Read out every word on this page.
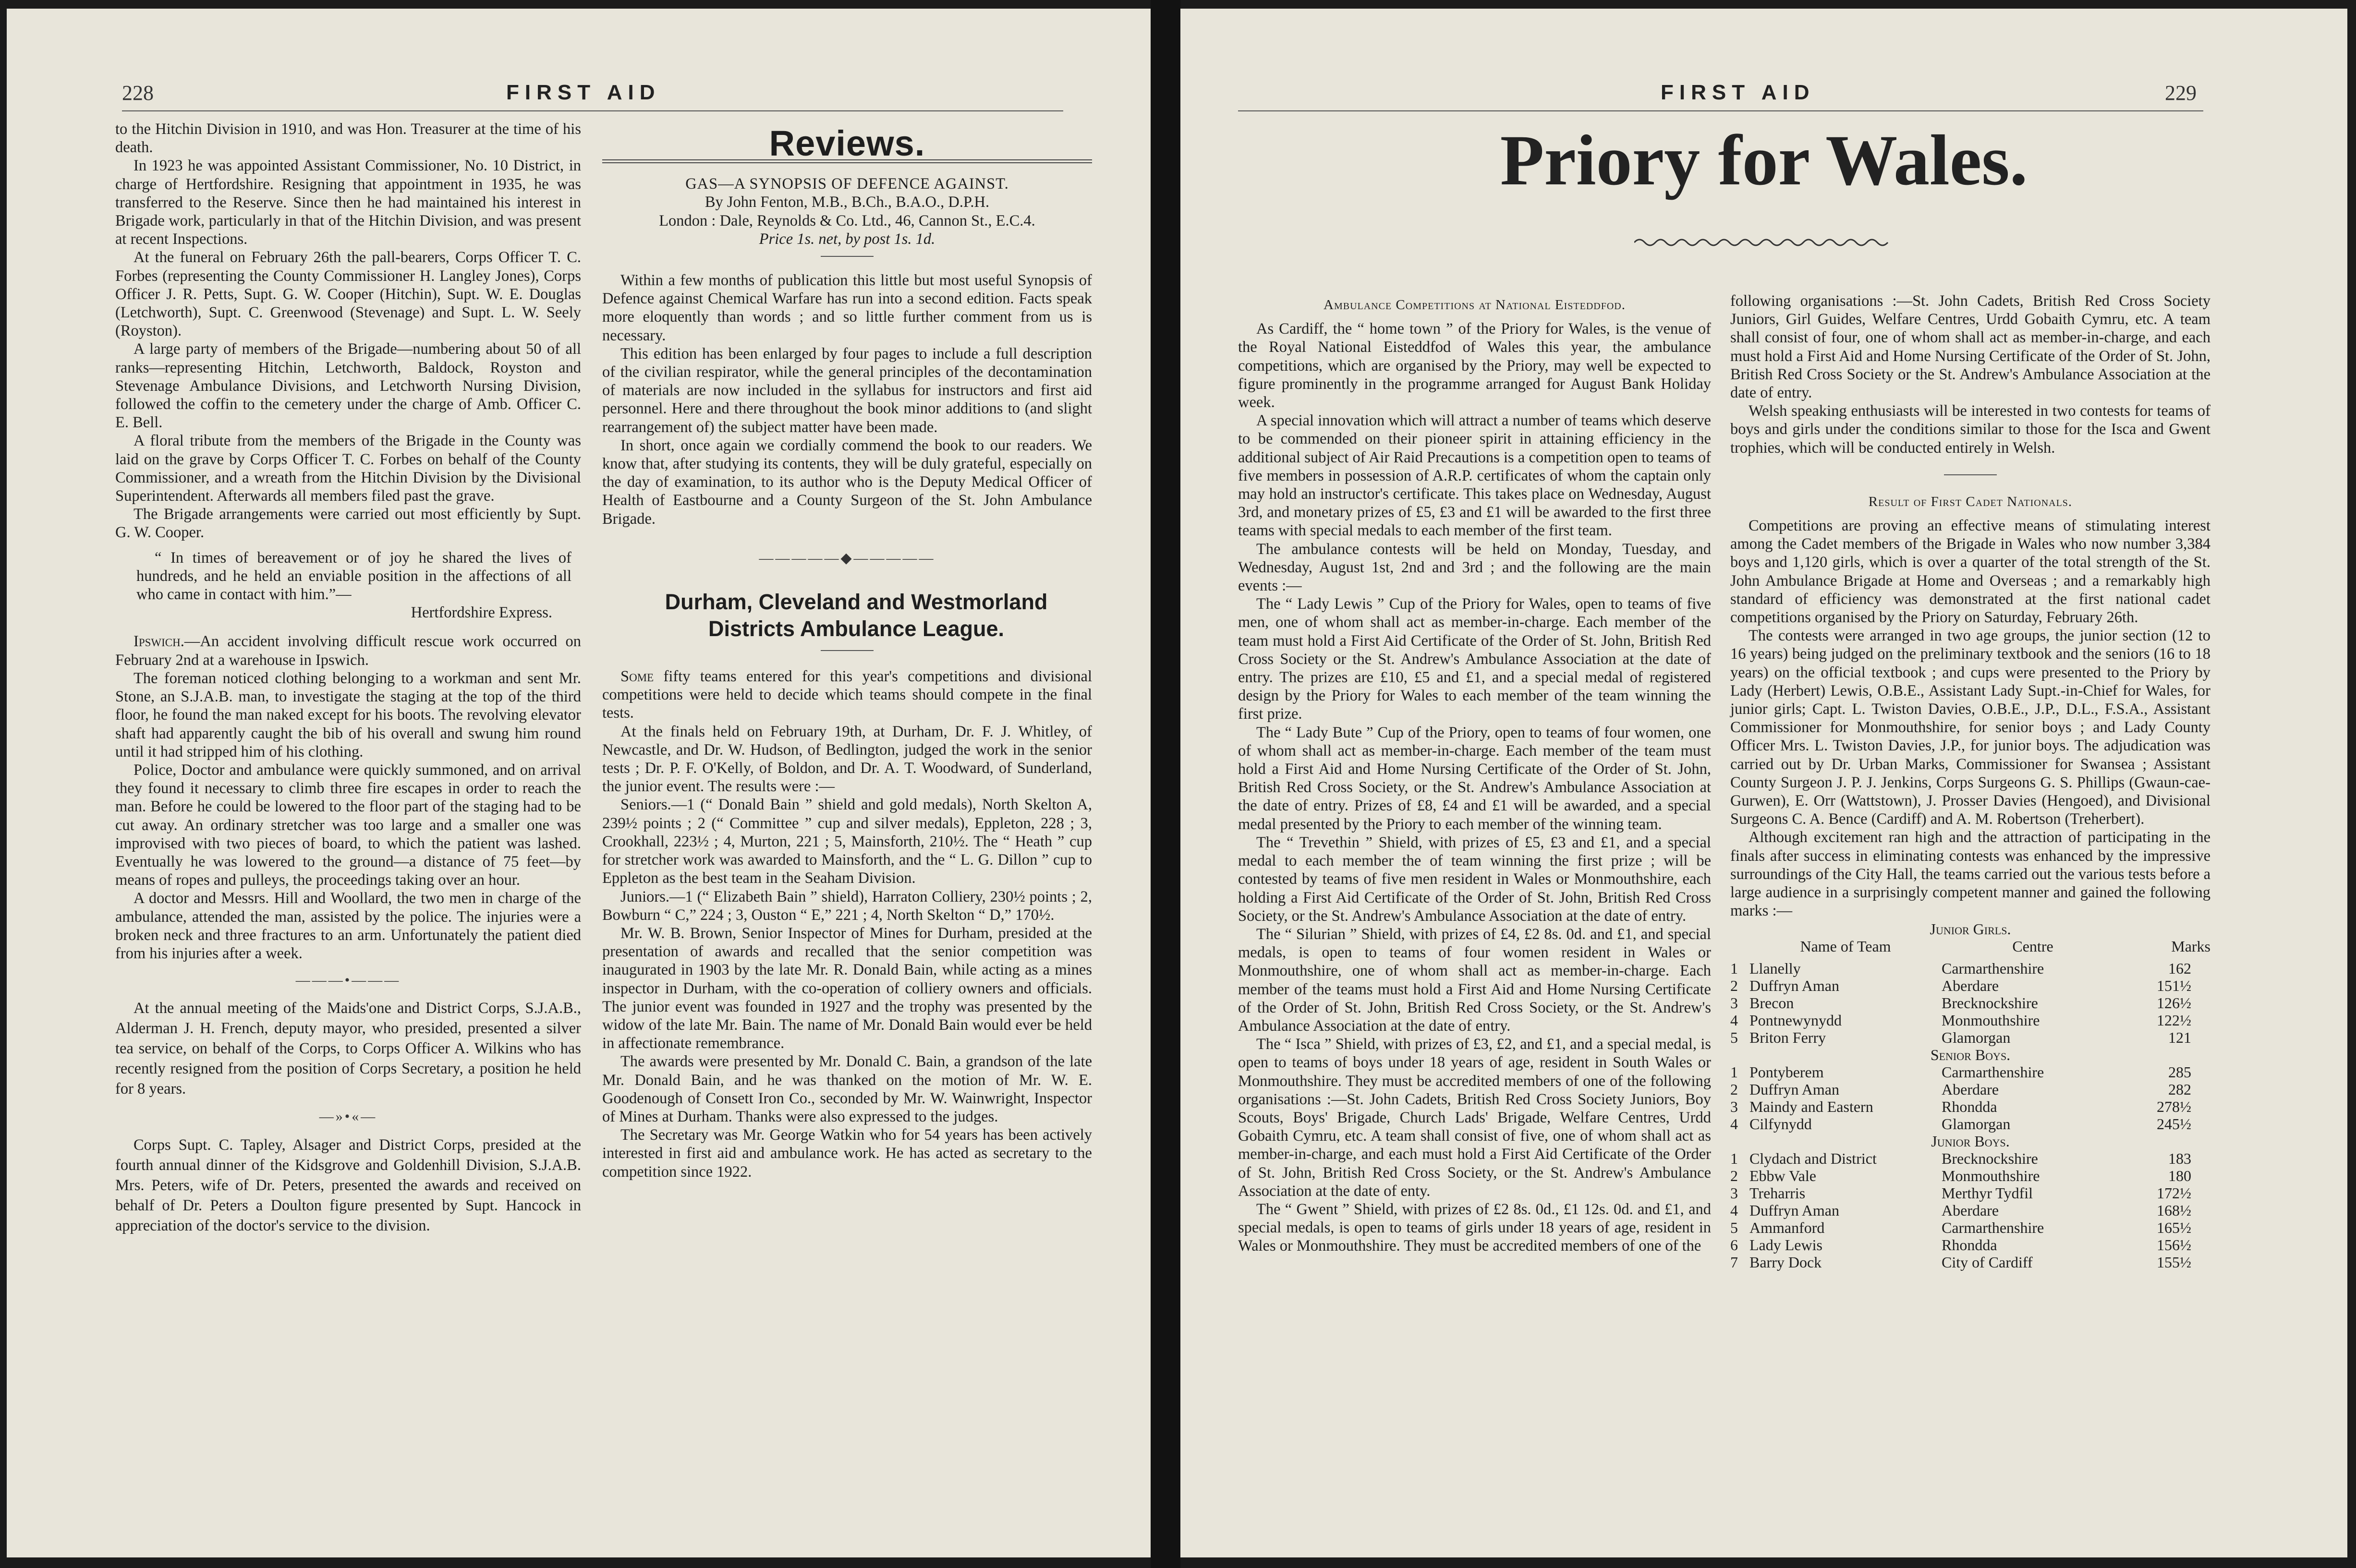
228	FIRST AID

to the Hitchin Division in 1910, and was Hon. Treasurer at the time of his death.

In 1923 he was appointed Assistant Commissioner, No. 10 District, in charge of Hertfordshire. Resigning that appointment in 1935, he was transferred to the Reserve. Since then he had maintained his interest in Brigade work, particularly in that of the Hitchin Division, and was present at recent Inspections.

At the funeral on February 26th the pall-bearers, Corps Officer T. C. Forbes (representing the County Commissioner H. Langley Jones), Corps Officer J. R. Petts, Supt. G. W. Cooper (Hitchin), Supt. W. E. Douglas (Letchworth), Supt. C. Greenwood (Stevenage) and Supt. L. W. Seely (Royston).

A large party of members of the Brigade—numbering about 50 of all ranks—representing Hitchin, Letchworth, Baldock, Royston and Stevenage Ambulance Divisions, and Letchworth Nursing Division, followed the coffin to the cemetery under the charge of Amb. Officer C. E. Bell.

A floral tribute from the members of the Brigade in the County was laid on the grave by Corps Officer T. C. Forbes on behalf of the County Commissioner, and a wreath from the Hitchin Division by the Divisional Superintendent. Afterwards all members filed past the grave.

The Brigade arrangements were carried out most efficiently by Supt. G. W. Cooper.

“ In times of bereavement or of joy he shared the lives of hundreds, and he held an enviable position in the affections of all who came in contact with him.”—

Hertfordshire Express.

Ipswich.—An accident involving difficult rescue work occurred on February 2nd at a warehouse in Ipswich.

The foreman noticed clothing belonging to a workman and sent Mr. Stone, an S.J.A.B. man, to investigate the staging at the top of the third floor, he found the man naked except for his boots. The revolving elevator shaft had apparently caught the bib of his overall and swung him round until it had stripped him of his clothing.

Police, Doctor and ambulance were quickly summoned, and on arrival they found it necessary to climb three fire escapes in order to reach the man. Before he could be lowered to the floor part of the staging had to be cut away. An ordinary stretcher was too large and a smaller one was improvised with two pieces of board, to which the patient was lashed. Eventually he was lowered to the ground—a distance of 75 feet—by means of ropes and pulleys, the proceedings taking over an hour.

A doctor and Messrs. Hill and Woollard, the two men in charge of the ambulance, attended the man, assisted by the police. The injuries were a broken neck and three fractures to an arm. Unfortunately the patient died from his injuries after a week.

———•———

At the annual meeting of the Maids'one and District Corps, S.J.A.B., Alderman J. H. French, deputy mayor, who presided, presented a silver tea service, on behalf of the Corps, to Corps Officer A. Wilkins who has recently resigned from the position of Corps Secretary, a position he held for 8 years.

—»•«—

Corps Supt. C. Tapley, Alsager and District Corps, presided at the fourth annual dinner of the Kidsgrove and Goldenhill Division, S.J.A.B. Mrs. Peters, wife of Dr. Peters, presented the awards and received on behalf of Dr. Peters a Doulton figure presented by Supt. Hancock in appreciation of the doctor's service to the division.

Reviews.

GAS—A SYNOPSIS OF DEFENCE AGAINST.

By John Fenton, M.B., B.Ch., B.A.O., D.P.H.

London : Dale, Reynolds & Co. Ltd., 46, Cannon St., E.C.4.

Price 1s. net, by post 1s. 1d.

Within a few months of publication this little but most useful Synopsis of Defence against Chemical Warfare has run into a second edition. Facts speak more eloquently than words ; and so little further comment from us is necessary.

This edition has been enlarged by four pages to include a full description of the civilian respirator, while the general principles of the decontamination of materials are now included in the syllabus for instructors and first aid personnel. Here and there throughout the book minor additions to (and slight rearrangement of) the subject matter have been made.

In short, once again we cordially commend the book to our readers. We know that, after studying its contents, they will be duly grateful, especially on the day of examination, to its author who is the Deputy Medical Officer of Health of Eastbourne and a County Surgeon of the St. John Ambulance Brigade.

—————◆—————

Durham, Cleveland and Westmorland

Districts Ambulance League.

Some fifty teams entered for this year's competitions and divisional competitions were held to decide which teams should compete in the final tests.

At the finals held on February 19th, at Durham, Dr. F. J. Whitley, of Newcastle, and Dr. W. Hudson, of Bedlington, judged the work in the senior tests ; Dr. P. F. O'Kelly, of Boldon, and Dr. A. T. Woodward, of Sunderland, the junior event. The results were :—

Seniors.—1 (“ Donald Bain ” shield and gold medals), North Skelton A, 239½ points ; 2 (“ Committee ” cup and silver medals), Eppleton, 228 ; 3, Crookhall, 223½ ; 4, Murton, 221 ; 5, Mainsforth, 210½. The “ Heath ” cup for stretcher work was awarded to Mainsforth, and the “ L. G. Dillon ” cup to Eppleton as the best team in the Seaham Division.

Juniors.—1 (“ Elizabeth Bain ” shield), Harraton Colliery, 230½ points ; 2, Bowburn “ C,” 224 ; 3, Ouston “ E,” 221 ; 4, North Skelton “ D,” 170½.

Mr. W. B. Brown, Senior Inspector of Mines for Durham, presided at the presentation of awards and recalled that the senior competition was inaugurated in 1903 by the late Mr. R. Donald Bain, while acting as a mines inspector in Durham, with the co-operation of colliery owners and officials. The junior event was founded in 1927 and the trophy was presented by the widow of the late Mr. Bain. The name of Mr. Donald Bain would ever be held in affectionate remembrance.

The awards were presented by Mr. Donald C. Bain, a grandson of the late Mr. Donald Bain, and he was thanked on the motion of Mr. W. E. Goodenough of Consett Iron Co., seconded by Mr. W. Wainwright, Inspector of Mines at Durham. Thanks were also expressed to the judges.

The Secretary was Mr. George Watkin who for 54 years has been actively interested in first aid and ambulance work. He has acted as secretary to the competition since 1922.

FIRST AID	229
Priory for Wales.
Ambulance Competitions at National Eisteddfod.

As Cardiff, the “ home town ” of the Priory for Wales, is the venue of the Royal National Eisteddfod of Wales this year, the ambulance competitions, which are organised by the Priory, may well be expected to figure prominently in the programme arranged for August Bank Holiday week.

A special innovation which will attract a number of teams which deserve to be commended on their pioneer spirit in attaining efficiency in the additional subject of Air Raid Precautions is a competition open to teams of five members in possession of A.R.P. certificates of whom the captain only may hold an instructor's certificate. This takes place on Wednesday, August 3rd, and monetary prizes of £5, £3 and £1 will be awarded to the first three teams with special medals to each member of the first team.

The ambulance contests will be held on Monday, Tuesday, and Wednesday, August 1st, 2nd and 3rd ; and the following are the main events :—

The “ Lady Lewis ” Cup of the Priory for Wales, open to teams of five men, one of whom shall act as member-in-charge. Each member of the team must hold a First Aid Certificate of the Order of St. John, British Red Cross Society or the St. Andrew's Ambulance Association at the date of entry. The prizes are £10, £5 and £1, and a special medal of registered design by the Priory for Wales to each member of the team winning the first prize.

The “ Lady Bute ” Cup of the Priory, open to teams of four women, one of whom shall act as member-in-charge. Each member of the team must hold a First Aid and Home Nursing Certificate of the Order of St. John, British Red Cross Society, or the St. Andrew's Ambulance Association at the date of entry. Prizes of £8, £4 and £1 will be awarded, and a special medal presented by the Priory to each member of the winning team.

The “ Trevethin ” Shield, with prizes of £5, £3 and £1, and a special medal to each member the of team winning the first prize ; will be contested by teams of five men resident in Wales or Monmouthshire, each holding a First Aid Certificate of the Order of St. John, British Red Cross Society, or the St. Andrew's Ambulance Association at the date of entry.

The “ Silurian ” Shield, with prizes of £4, £2 8s. 0d. and £1, and special medals, is open to teams of four women resident in Wales or Monmouthshire, one of whom shall act as member-in-charge. Each member of the teams must hold a First Aid and Home Nursing Certificate of the Order of St. John, British Red Cross Society, or the St. Andrew's Ambulance Association at the date of entry.

The “ Isca ” Shield, with prizes of £3, £2, and £1, and a special medal, is open to teams of boys under 18 years of age, resident in South Wales or Monmouthshire. They must be accredited members of one of the following organisations :—St. John Cadets, British Red Cross Society Juniors, Boy Scouts, Boys' Brigade, Church Lads' Brigade, Welfare Centres, Urdd Gobaith Cymru, etc. A team shall consist of five, one of whom shall act as member-in-charge, and each must hold a First Aid Certificate of the Order of St. John, British Red Cross Society, or the St. Andrew's Ambulance Association at the date of enty.

The “ Gwent ” Shield, with prizes of £2 8s. 0d., £1 12s. 0d. and £1, and special medals, is open to teams of girls under 18 years of age, resident in Wales or Monmouthshire. They must be accredited members of one of the

following organisations :—St. John Cadets, British Red Cross Society Juniors, Girl Guides, Welfare Centres, Urdd Gobaith Cymru, etc. A team shall consist of four, one of whom shall act as member-in-charge, and each must hold a First Aid and Home Nursing Certificate of the Order of St. John, British Red Cross Society or the St. Andrew's Ambulance Association at the date of entry.

Welsh speaking enthusiasts will be interested in two contests for teams of boys and girls under the conditions similar to those for the Isca and Gwent trophies, which will be conducted entirely in Welsh.

Result of First Cadet Nationals.

Competitions are proving an effective means of stimulating interest among the Cadet members of the Brigade in Wales who now number 3,384 boys and 1,120 girls, which is over a quarter of the total strength of the St. John Ambulance Brigade at Home and Overseas ; and a remarkably high standard of efficiency was demonstrated at the first national cadet competitions organised by the Priory on Saturday, February 26th.

The contests were arranged in two age groups, the junior section (12 to 16 years) being judged on the preliminary textbook and the seniors (16 to 18 years) on the official textbook ; and cups were presented to the Priory by Lady (Herbert) Lewis, O.B.E., Assistant Lady Supt.-in-Chief for Wales, for junior girls; Capt. L. Twiston Davies, O.B.E., J.P., D.L., F.S.A., Assistant Commissioner for Monmouthshire, for senior boys ; and Lady County Officer Mrs. L. Twiston Davies, J.P., for junior boys. The adjudication was carried out by Dr. Urban Marks, Commissioner for Swansea ; Assistant County Surgeon J. P. J. Jenkins, Corps Surgeons G. S. Phillips (Gwaun-cae-Gurwen), E. Orr (Wattstown), J. Prosser Davies (Hengoed), and Divisional Surgeons C. A. Bence (Cardiff) and A. M. Robertson (Treherbert).

Although excitement ran high and the attraction of participating in the finals after success in eliminating contests was enhanced by the impressive surroundings of the City Hall, the teams carried out the various tests before a large audience in a surprisingly competent manner and gained the following marks :—

Junior Girls.			
	Name of Team	Centre	Marks
1	Llanelly	Carmarthenshire	162
2	Duffryn Aman	Aberdare	151½
3	Brecon	Brecknockshire	126½
4	Pontnewynydd	Monmouthshire	122½
5	Briton Ferry	Glamorgan	121
Senior Boys.			
1	Pontyberem	Carmarthenshire	285
2	Duffryn Aman	Aberdare	282
3	Maindy and Eastern	Rhondda	278½
4	Cilfynydd	Glamorgan	245½
Junior Boys.			
1	Clydach and District	Brecknockshire	183
2	Ebbw Vale	Monmouthshire	180
3	Treharris	Merthyr Tydfil	172½
4	Duffryn Aman	Aberdare	168½
5	Ammanford	Carmarthenshire	165½
6	Lady Lewis	Rhondda	156½
7	Barry Dock	City of Cardiff	155½
